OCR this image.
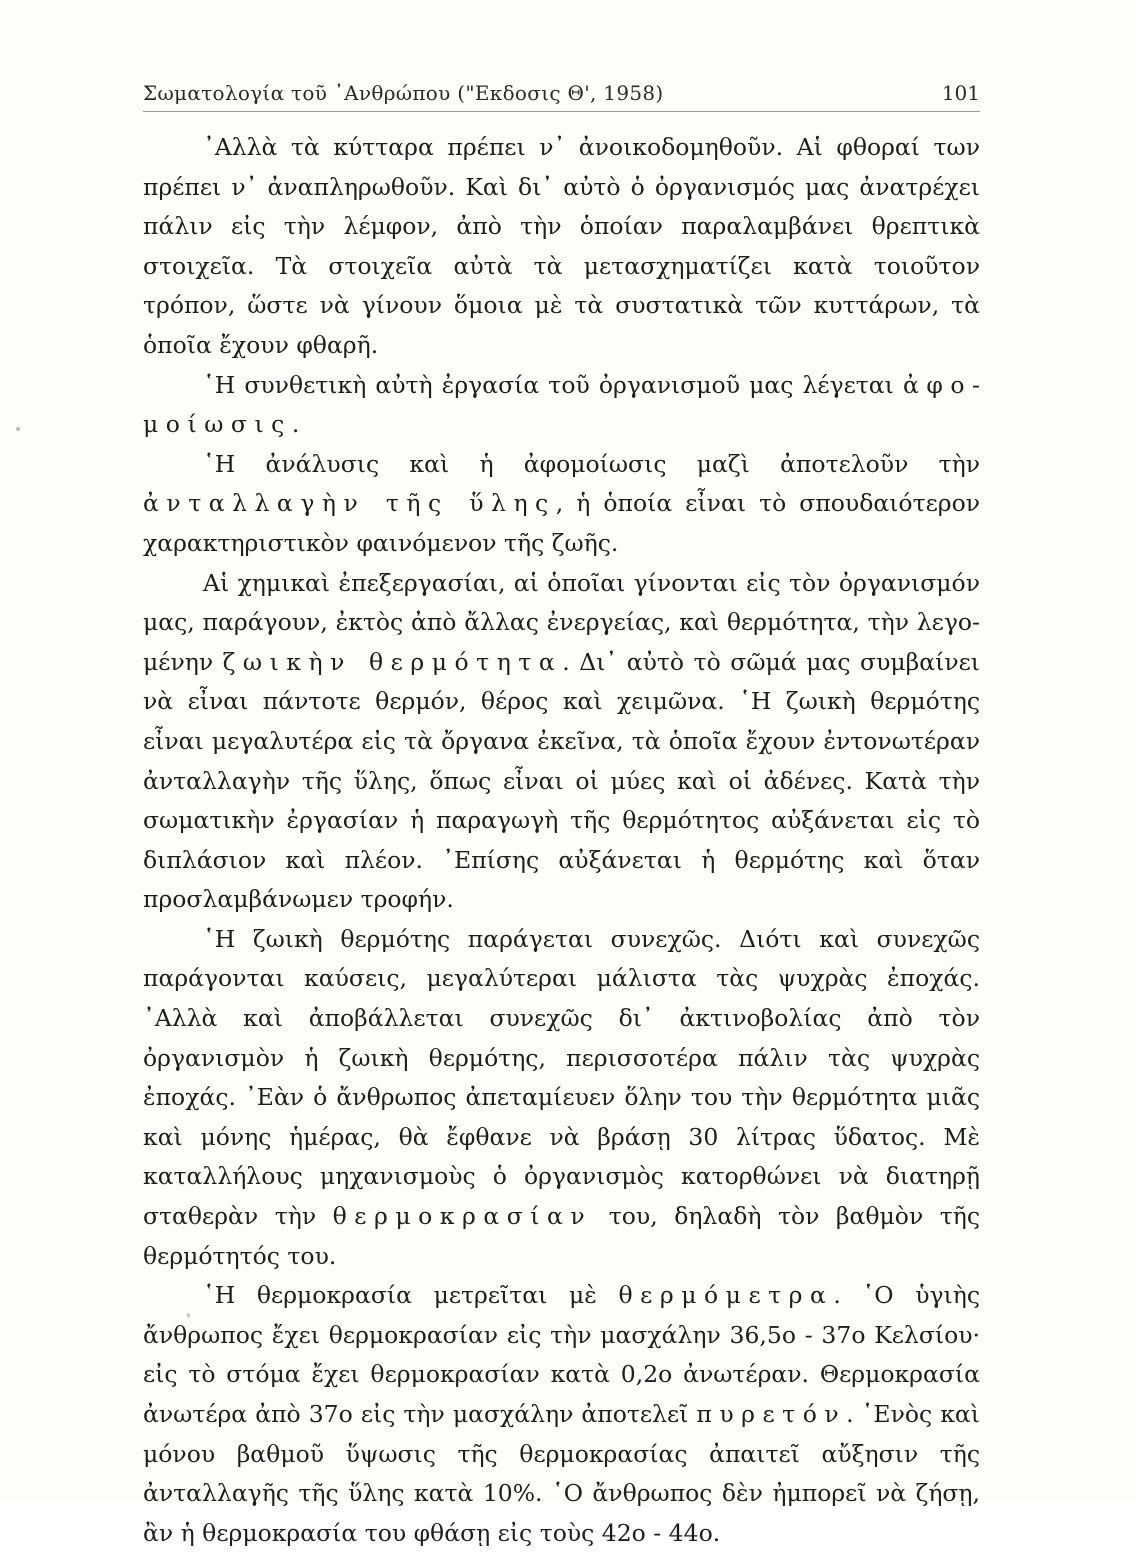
Σωματολογία τοῦ ᾿Ανθρώπου ("Εκδοσις Θ', 1958)	101

᾿Αλλὰ τὰ κύτταρα πρέπει ν᾿ ἀνοικοδομηθοῦν. Αἱ φθοραί των πρέπει ν᾿ ἀναπληρωθοῦν. Καὶ δι᾿ αὐτὸ ὁ ὀργανισμός μας ἀνατρέχει πάλιν εἰς τὴν λέμφον, ἀπὸ τὴν ὁποίαν παραλαμβάνει θρεπτικὰ στοιχεῖα. Τὰ στοιχεῖα αὐτὰ τὰ μετασχηματίζει κατὰ τοιοῦτον τρόπον, ὥστε νὰ γίνουν ὅμοια μὲ τὰ συστατικὰ τῶν κυττάρων, τὰ ὁποῖα ἔχουν φθαρῆ.

῾Η συνθετικὴ αὐτὴ ἐργασία τοῦ ὀργανισμοῦ μας λέγεται ἀφομοίωσις.

῾Η ἀνάλυσις καὶ ἡ ἀφομοίωσις μαζὶ ἀποτελοῦν τὴν ἀνταλλαγὴν τῆς ὕλης, ἡ ὁποία εἶναι τὸ σπουδαιότερον χαρακτηριστικὸν φαινόμενον τῆς ζωῆς.

Αἱ χημικαὶ ἐπεξεργασίαι, αἱ ὁποῖαι γίνονται εἰς τὸν ὀργανισμόν μας, παράγουν, ἐκτὸς ἀπὸ ἄλλας ἐνεργείας, καὶ θερμότητα, τὴν λεγομένην ζωικὴν θερμότητα. Δι᾿ αὐτὸ τὸ σῶμά μας συμβαίνει νὰ εἶναι πάντοτε θερμόν, θέρος καὶ χειμῶνα. ῾Η ζωικὴ θερμότης εἶναι μεγαλυτέρα εἰς τὰ ὄργανα ἐκεῖνα, τὰ ὁποῖα ἔχουν ἐντονωτέραν ἀνταλλαγὴν τῆς ὕλης, ὅπως εἶναι οἱ μύες καὶ οἱ ἀδένες. Κατὰ τὴν σωματικὴν ἐργασίαν ἡ παραγωγὴ τῆς θερμότητος αὐξάνεται εἰς τὸ διπλάσιον καὶ πλέον. ᾿Επίσης αὐξάνεται ἡ θερμότης καὶ ὅταν προσλαμβάνωμεν τροφήν.

῾Η ζωικὴ θερμότης παράγεται συνεχῶς. Διότι καὶ συνεχῶς παράγονται καύσεις, μεγαλύτεραι μάλιστα τὰς ψυχρὰς ἐποχάς. ᾿Αλλὰ καὶ ἀποβάλλεται συνεχῶς δι᾿ ἀκτινοβολίας ἀπὸ τὸν ὀργανισμὸν ἡ ζωικὴ θερμότης, περισσοτέρα πάλιν τὰς ψυχρὰς ἐποχάς. ᾿Εὰν ὁ ἄνθρωπος ἀπεταμίευεν ὅλην του τὴν θερμότητα μιᾶς καὶ μόνης ἡμέρας, θὰ ἔφθανε νὰ βράσῃ 30 λίτρας ὕδατος. Μὲ καταλλήλους μηχανισμοὺς ὁ ὀργανισμὸς κατορθώνει νὰ διατηρῇ σταθερὰν τὴν θερμοκρασίαν του, δηλαδὴ τὸν βαθμὸν τῆς θερμότητός του.

῾Η θερμοκρασία μετρεῖται μὲ θερμόμετρα. ῾Ο ὑγιὴς ἄνθρωπος ἔχει θερμοκρασίαν εἰς τὴν μασχάλην 36,5ο - 37ο Κελσίου· εἰς τὸ στόμα ἔχει θερμοκρασίαν κατὰ 0,2ο ἀνωτέραν. Θερμοκρασία ἀνωτέρα ἀπὸ 37ο εἰς τὴν μασχάλην ἀποτελεῖ πυρετόν. ῾Ενὸς καὶ μόνου βαθμοῦ ὕψωσις τῆς θερμοκρασίας ἀπαιτεῖ αὔξησιν τῆς ἀνταλλαγῆς τῆς ὕλης κατὰ 10%. ῾Ο ἄνθρωπος δὲν ἠμπορεῖ νὰ ζήσῃ, ἂν ἡ θερμοκρασία του φθάσῃ εἰς τοὺς 42ο - 44ο.
